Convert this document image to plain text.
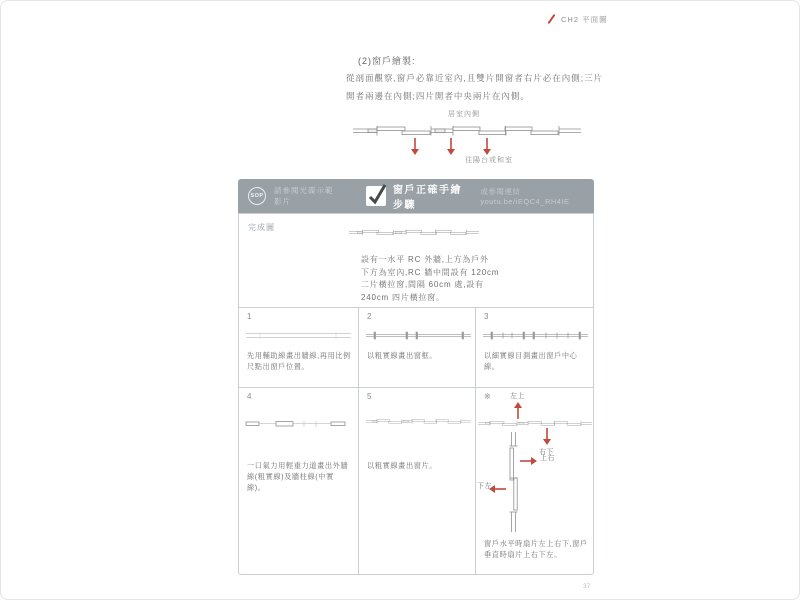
CH2 平面圖
(2)窗戶繪製:
從剖面觀察,窗戶必靠近室內,且雙片開窗者右片必在內側;三片
開者兩邊在內側;四片開者中央兩片在內側。
居室內側
往陽台或和室
SOP
請參閱光碟示範影片
窗戶正確手繪步驟
或參閱連結 youtu.be/iEQC4_RH4IE
完成圖
設有一水平 RC 外牆,上方為戶外
下方為室內,RC 牆中間設有 120cm
二片橫拉窗,間隔 60cm 處,設有
240cm 四片橫拉窗。
1
先用輔助線畫出牆線,再用比例尺點出窗戶位置。
2
以粗實線畫出窗框。
3
以細實線目測畫出窗戶中心線。
4
一口氣力用輕重力道畫出外牆線(粗實線)及牆柱線(中實線)。
5
以粗實線畫出窗片。
※	左上
右下
上右
下左
窗戶水平時扇片左上右下,窗戶垂直時扇片上右下左。
37
